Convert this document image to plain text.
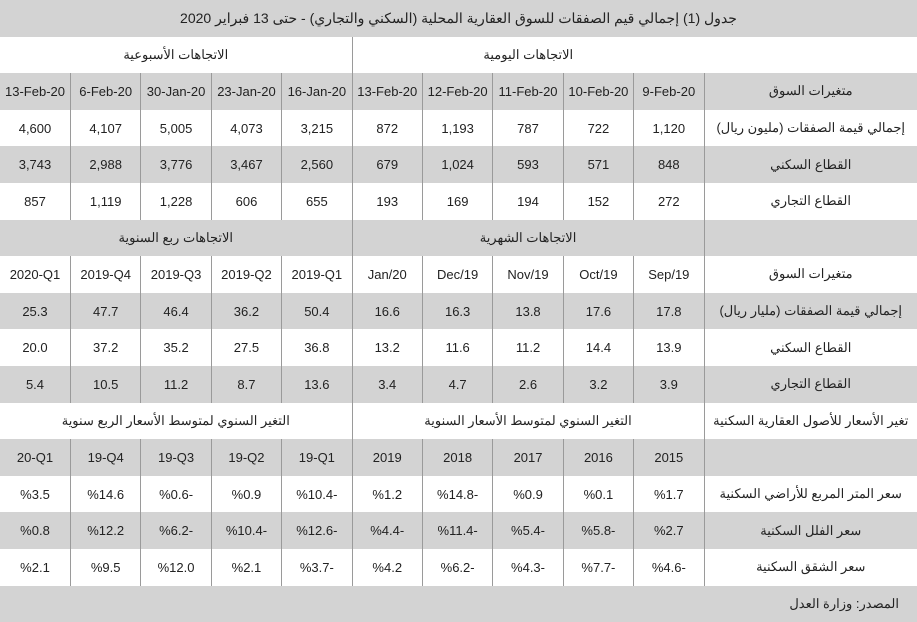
جدول (1) إجمالي قيم الصفقات للسوق العقارية المحلية (السكني والتجاري) - حتى 13 فبراير 2020										
	الاتجاهات اليومية					الاتجاهات الأسبوعية				
متغيرات السوق	9-Feb-20	10-Feb-20	11-Feb-20	12-Feb-20	13-Feb-20	16-Jan-20	23-Jan-20	30-Jan-20	6-Feb-20	13-Feb-20
إجمالي قيمة الصفقات (مليون ريال)	1,120	722	787	1,193	872	3,215	4,073	5,005	4,107	4,600
القطاع السكني	848	571	593	1,024	679	2,560	3,467	3,776	2,988	3,743
القطاع التجاري	272	152	194	169	193	655	606	1,228	1,119	857
	الاتجاهات الشهرية					الاتجاهات ربع السنوية				
متغيرات السوق	Sep/19	Oct/19	Nov/19	Dec/19	Jan/20	2019-Q1	2019-Q2	2019-Q3	2019-Q4	2020-Q1
إجمالي قيمة الصفقات (مليار ريال)	17.8	17.6	13.8	16.3	16.6	50.4	36.2	46.4	47.7	25.3
القطاع السكني	13.9	14.4	11.2	11.6	13.2	36.8	27.5	35.2	37.2	20.0
القطاع التجاري	3.9	3.2	2.6	4.7	3.4	13.6	8.7	11.2	10.5	5.4
تغير الأسعار للأصول العقارية السكنية	التغير السنوي لمتوسط الأسعار السنوية					التغير السنوي لمتوسط الأسعار الربع سنوية				
	2015	2016	2017	2018	2019	19-Q1	19-Q2	19-Q3	19-Q4	20-Q1
سعر المتر المربع للأراضي السكنية	%1.7	%0.1	%0.9	%14.8-	%1.2	%10.4-	%0.9	%0.6-	%14.6	%3.5
سعر الفلل السكنية	%2.7	%5.8-	%5.4-	%11.4-	%4.4-	%12.6-	%10.4-	%6.2-	%12.2	%0.8
سعر الشقق السكنية	%4.6-	%7.7-	%4.3-	%6.2-	%4.2	%3.7-	%2.1	%12.0	%9.5	%2.1
المصدر: وزارة العدل										
